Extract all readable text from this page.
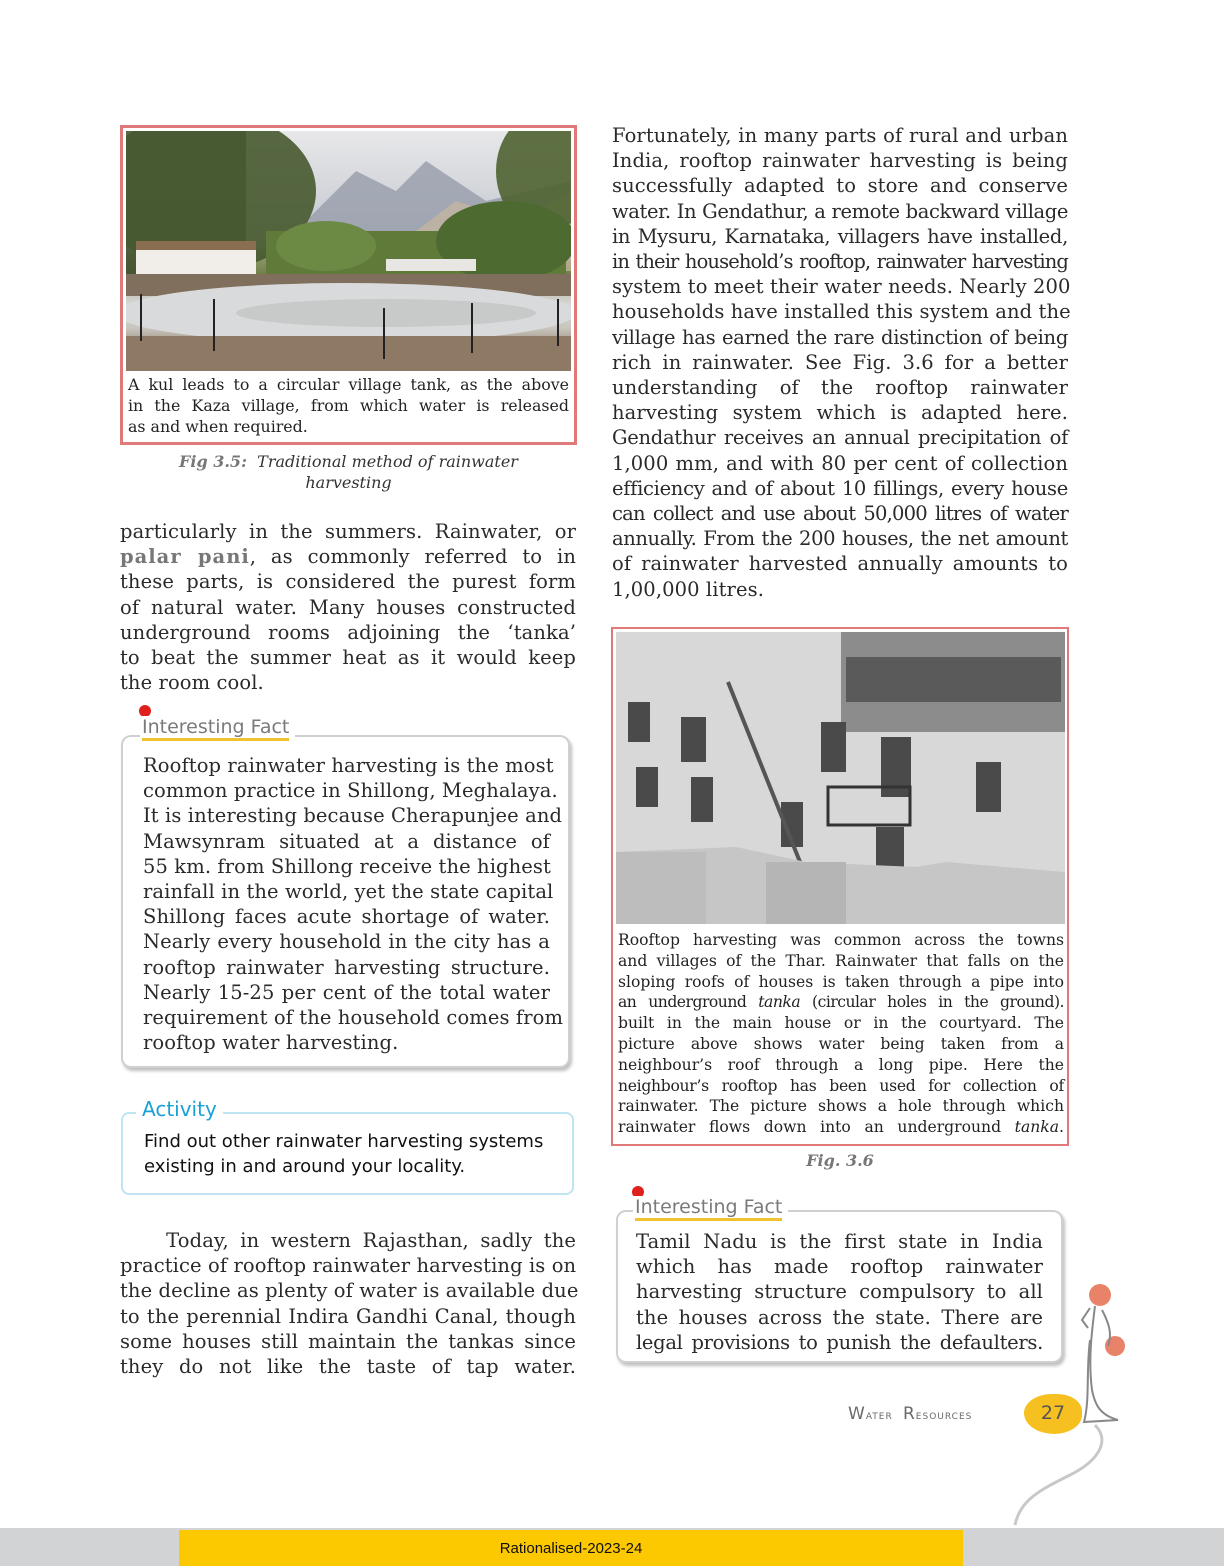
A kul leads to a circular village tank, as the above
in the Kaza village, from which water is released
as and when required.
Fig 3.5: Traditional method of rainwater
harvesting
particularly in the summers. Rainwater, or
palar pani, as commonly referred to in
these parts, is considered the purest form
of natural water. Many houses constructed
underground rooms adjoining the ‘tanka’
to beat the summer heat as it would keep
the room cool.
Interesting Fact
Rooftop rainwater harvesting is the most
common practice in Shillong, Meghalaya.
It is interesting because Cherapunjee and
Mawsynram situated at a distance of
55 km. from Shillong receive the highest
rainfall in the world, yet the state capital
Shillong faces acute shortage of water.
Nearly every household in the city has a
rooftop rainwater harvesting structure.
Nearly 15-25 per cent of the total water
requirement of the household comes from
rooftop water harvesting.
Activity
Find out other rainwater harvesting systems
existing in and around your locality.
Today, in western Rajasthan, sadly the
practice of rooftop rainwater harvesting is on
the decline as plenty of water is available due
to the perennial Indira Gandhi Canal, though
some houses still maintain the tankas since
they do not like the taste of tap water.
Fortunately, in many parts of rural and urban
India, rooftop rainwater harvesting is being
successfully adapted to store and conserve
water. In Gendathur, a remote backward village
in Mysuru, Karnataka, villagers have installed,
in their household’s rooftop, rainwater harvesting
system to meet their water needs. Nearly 200
households have installed this system and the
village has earned the rare distinction of being
rich in rainwater. See Fig. 3.6 for a better
understanding of the rooftop rainwater
harvesting system which is adapted here.
Gendathur receives an annual precipitation of
1,000 mm, and with 80 per cent of collection
efficiency and of about 10 fillings, every house
can collect and use about 50,000 litres of water
annually. From the 200 houses, the net amount
of rainwater harvested annually amounts to
1,00,000 litres.
Rooftop harvesting was common across the towns
and villages of the Thar. Rainwater that falls on the
sloping roofs of houses is taken through a pipe into
an underground tanka (circular holes in the ground).
built in the main house or in the courtyard. The
picture above shows water being taken from a
neighbour’s roof through a long pipe. Here the
neighbour’s rooftop has been used for collection of
rainwater. The picture shows a hole through which
rainwater flows down into an underground tanka.
Fig. 3.6
Interesting Fact
Tamil Nadu is the first state in India
which has made rooftop rainwater
harvesting structure compulsory to all
the houses across the state. There are
legal provisions to punish the defaulters.
Water Resources	27
Rationalised-2023-24
